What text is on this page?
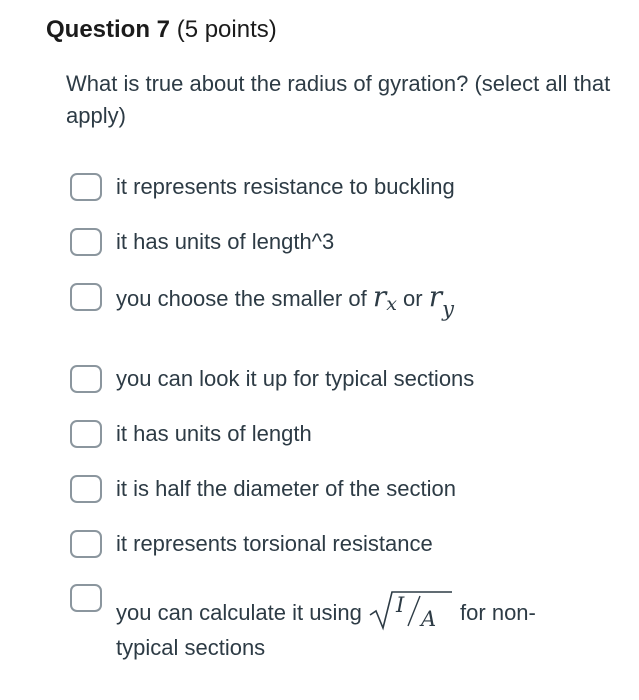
Question 7 (5 points)
What is true about the radius of gyration? (select all that apply)
it represents resistance to buckling
it has units of length^3
you choose the smaller of rx or ry
you can look it up for typical sections
it has units of length
it is half the diameter of the section
it represents torsional resistance
you can calculate it using I
A for non-
typical sections
